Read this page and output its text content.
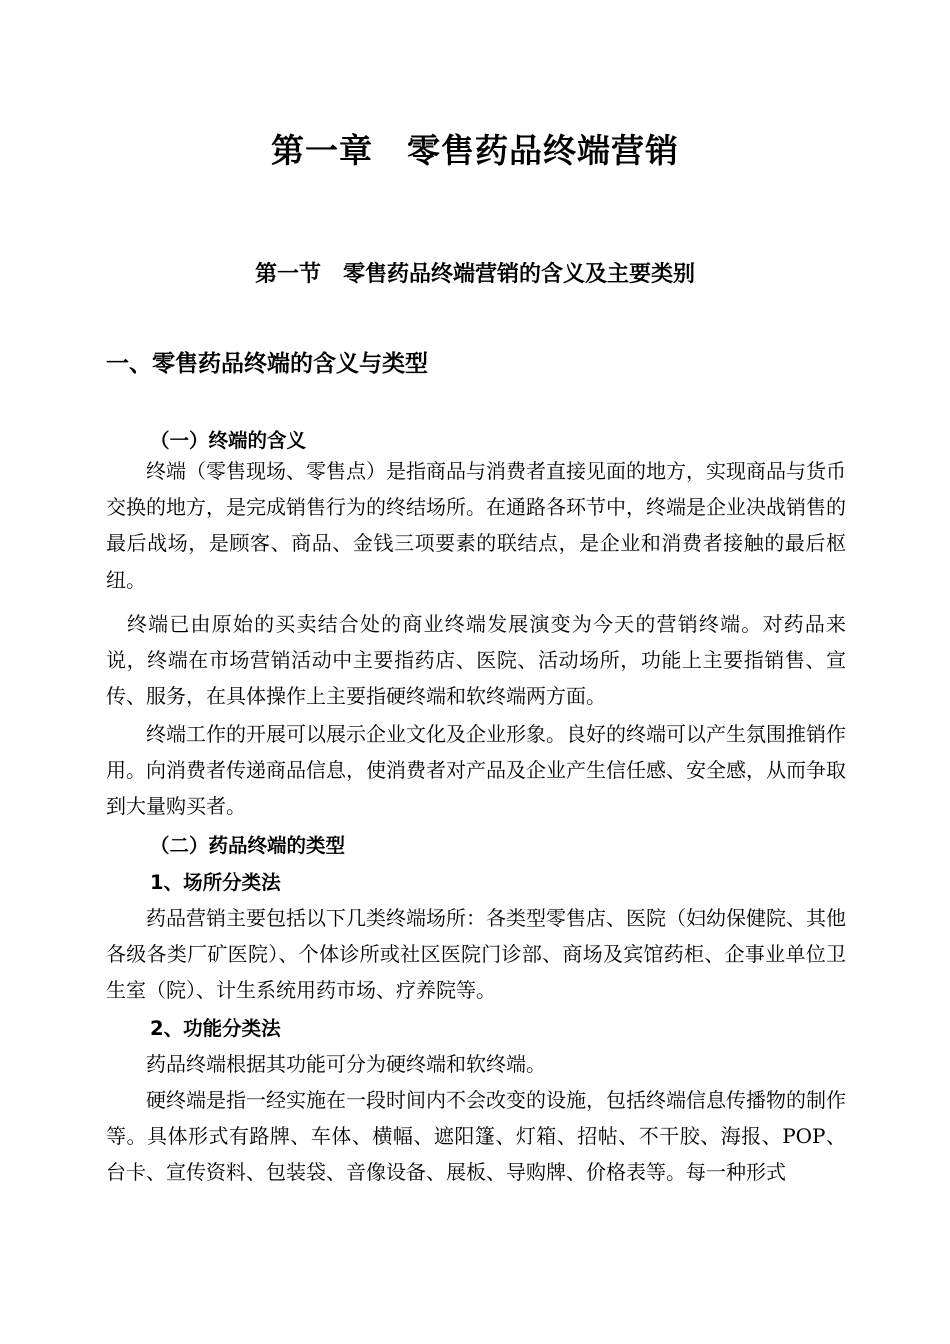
第一章　零售药品终端营销
第一节　零售药品终端营销的含义及主要类别
一、零售药品终端的含义与类型
（一）终端的含义

终端（零售现场、零售点）是指商品与消费者直接见面的地方，实现商品与货币交换的地方，是完成销售行为的终结场所。在通路各环节中，终端是企业决战销售的最后战场，是顾客、商品、金钱三项要素的联结点，是企业和消费者接触的最后枢纽。

终端已由原始的买卖结合处的商业终端发展演变为今天的营销终端。对药品来说，终端在市场营销活动中主要指药店、医院、活动场所，功能上主要指销售、宣传、服务，在具体操作上主要指硬终端和软终端两方面。

终端工作的开展可以展示企业文化及企业形象。良好的终端可以产生氛围推销作用。向消费者传递商品信息，使消费者对产品及企业产生信任感、安全感，从而争取到大量购买者。

（二）药品终端的类型
1、场所分类法

药品营销主要包括以下几类终端场所：各类型零售店、医院（妇幼保健院、其他各级各类厂矿医院）、个体诊所或社区医院门诊部、商场及宾馆药柜、企事业单位卫生室（院）、计生系统用药市场、疗养院等。

2、功能分类法

药品终端根据其功能可分为硬终端和软终端。

硬终端是指一经实施在一段时间内不会改变的设施，包括终端信息传播物的制作等。具体形式有路牌、车体、横幅、遮阳篷、灯箱、招帖、不干胶、海报、POP、台卡、宣传资料、包装袋、音像设备、展板、导购牌、价格表等。每一种形式
